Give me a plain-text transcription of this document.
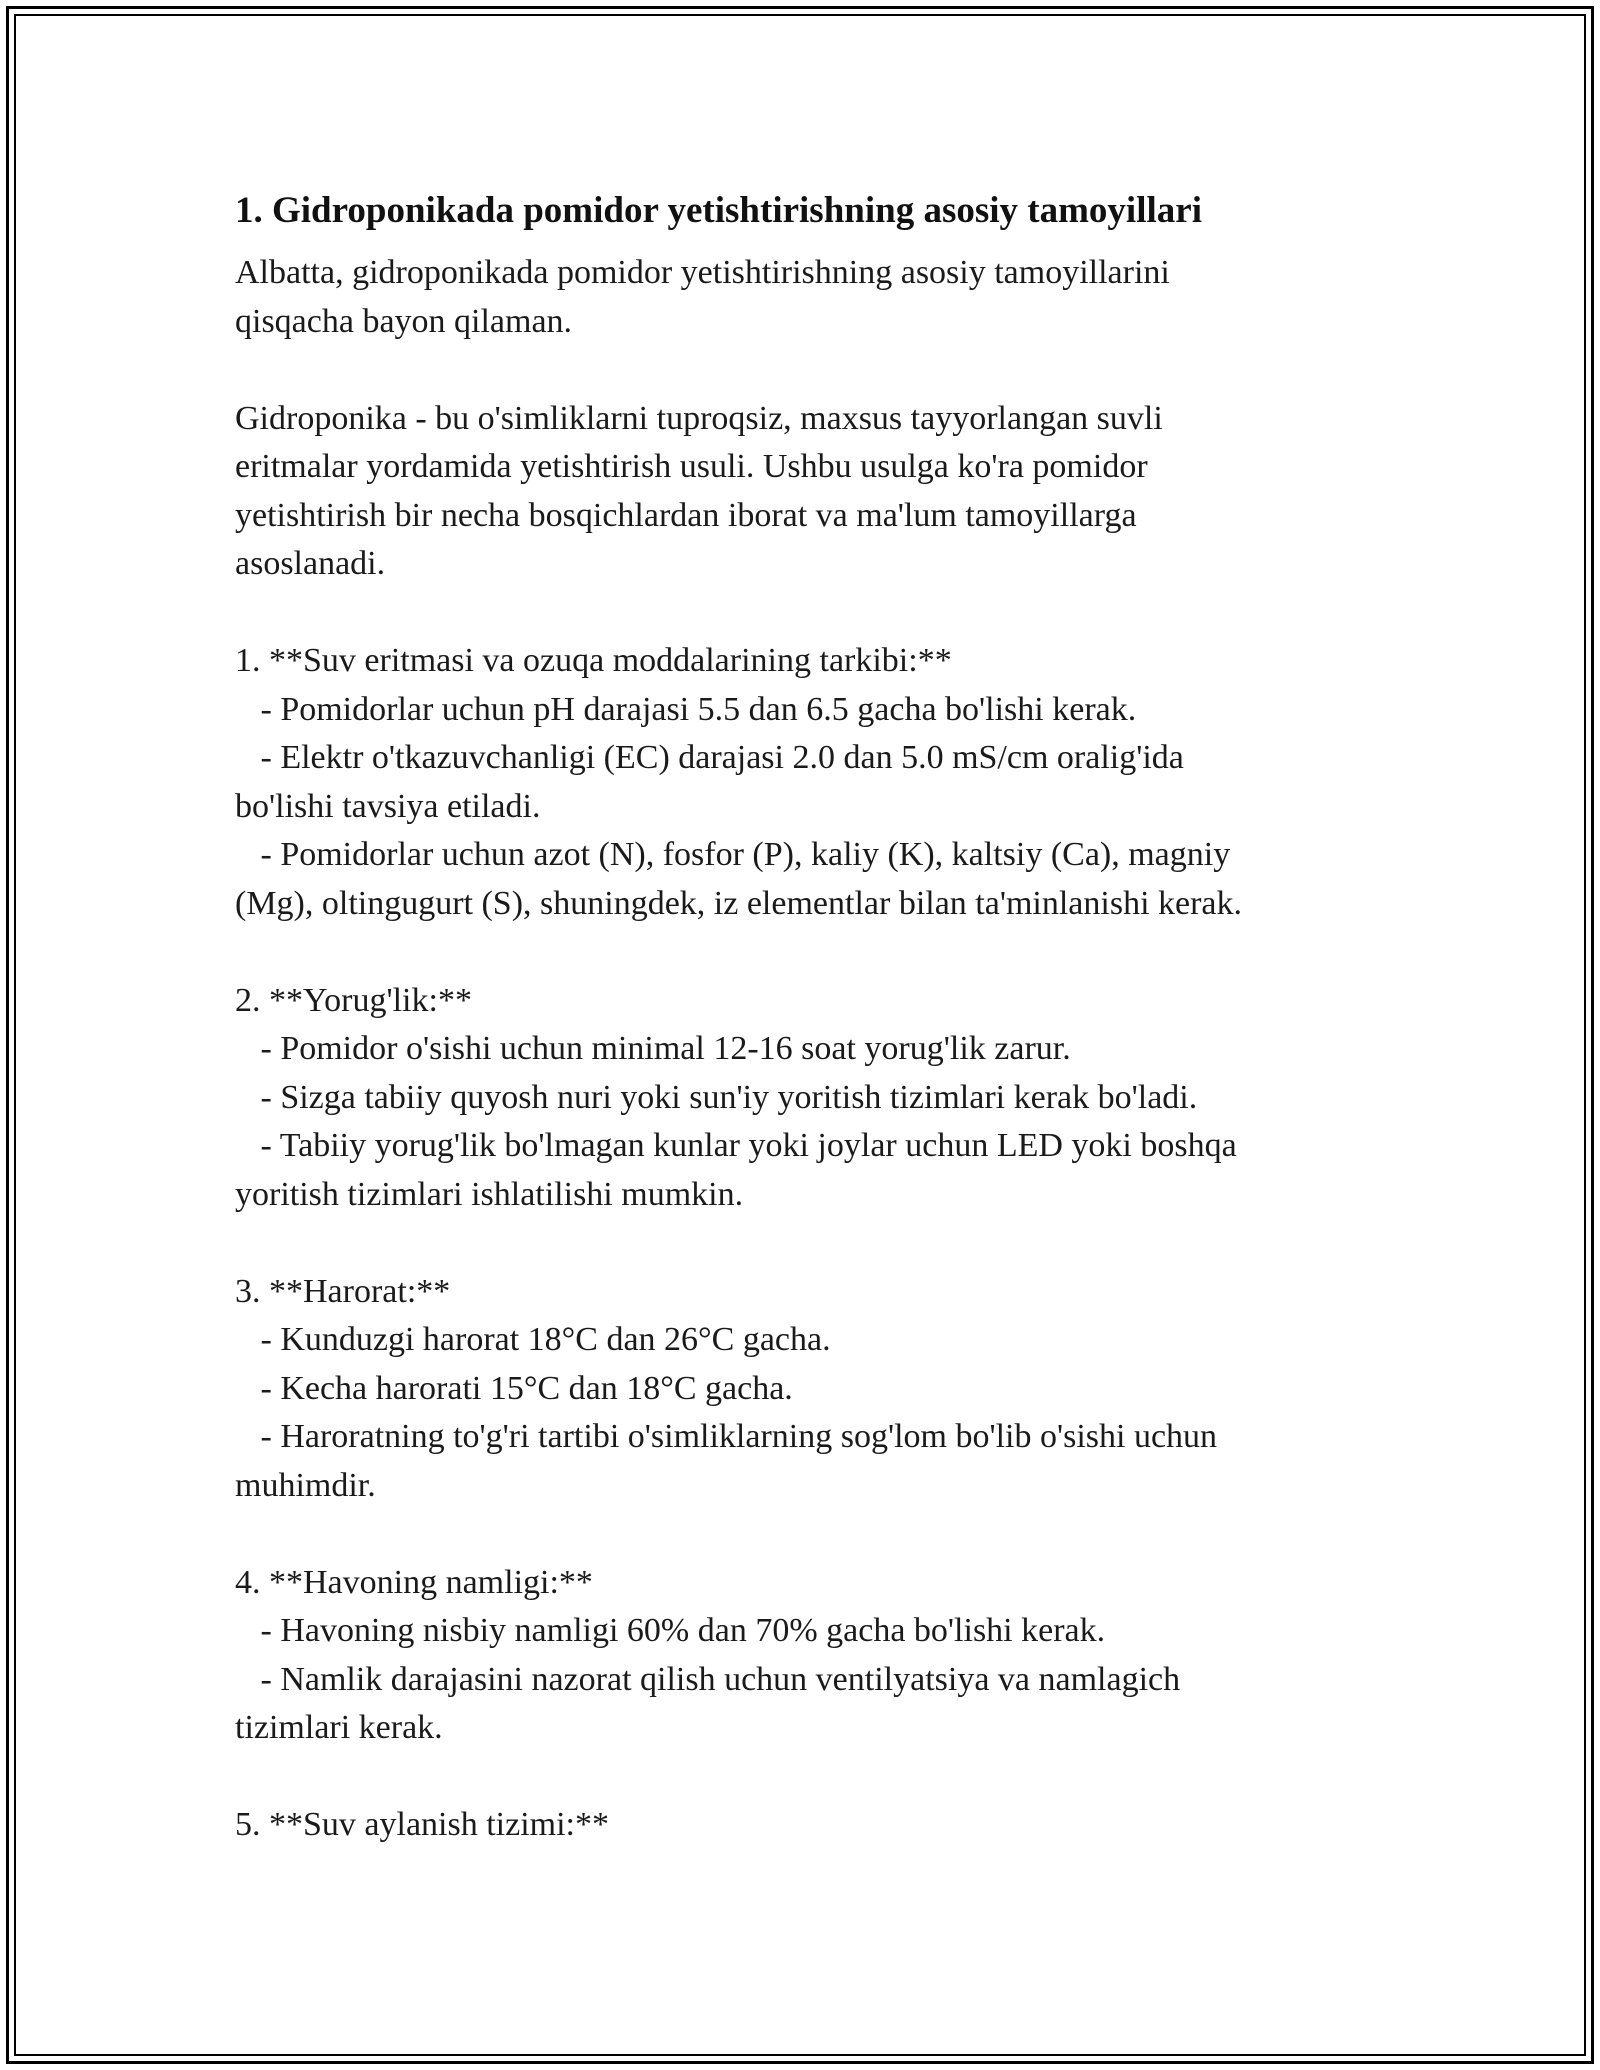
1. Gidroponikada pomidor yetishtirishning asosiy tamoyillari
Albatta, gidroponikada pomidor yetishtirishning asosiy tamoyillarini
qisqacha bayon qilaman.
Gidroponika - bu o'simliklarni tuproqsiz, maxsus tayyorlangan suvli
eritmalar yordamida yetishtirish usuli. Ushbu usulga ko'ra pomidor
yetishtirish bir necha bosqichlardan iborat va ma'lum tamoyillarga
asoslanadi.
1. **Suv eritmasi va ozuqa moddalarining tarkibi:**
- Pomidorlar uchun pH darajasi 5.5 dan 6.5 gacha bo'lishi kerak.
- Elektr o'tkazuvchanligi (EC) darajasi 2.0 dan 5.0 mS/cm oralig'ida
bo'lishi tavsiya etiladi.
- Pomidorlar uchun azot (N), fosfor (P), kaliy (K), kaltsiy (Ca), magniy
(Mg), oltingugurt (S), shuningdek, iz elementlar bilan ta'minlanishi kerak.
2. **Yorug'lik:**
- Pomidor o'sishi uchun minimal 12-16 soat yorug'lik zarur.
- Sizga tabiiy quyosh nuri yoki sun'iy yoritish tizimlari kerak bo'ladi.
- Tabiiy yorug'lik bo'lmagan kunlar yoki joylar uchun LED yoki boshqa
yoritish tizimlari ishlatilishi mumkin.
3. **Harorat:**
- Kunduzgi harorat 18°C dan 26°C gacha.
- Kecha harorati 15°C dan 18°C gacha.
- Haroratning to'g'ri tartibi o'simliklarning sog'lom bo'lib o'sishi uchun
muhimdir.
4. **Havoning namligi:**
- Havoning nisbiy namligi 60% dan 70% gacha bo'lishi kerak.
- Namlik darajasini nazorat qilish uchun ventilyatsiya va namlagich
tizimlari kerak.
5. **Suv aylanish tizimi:**
